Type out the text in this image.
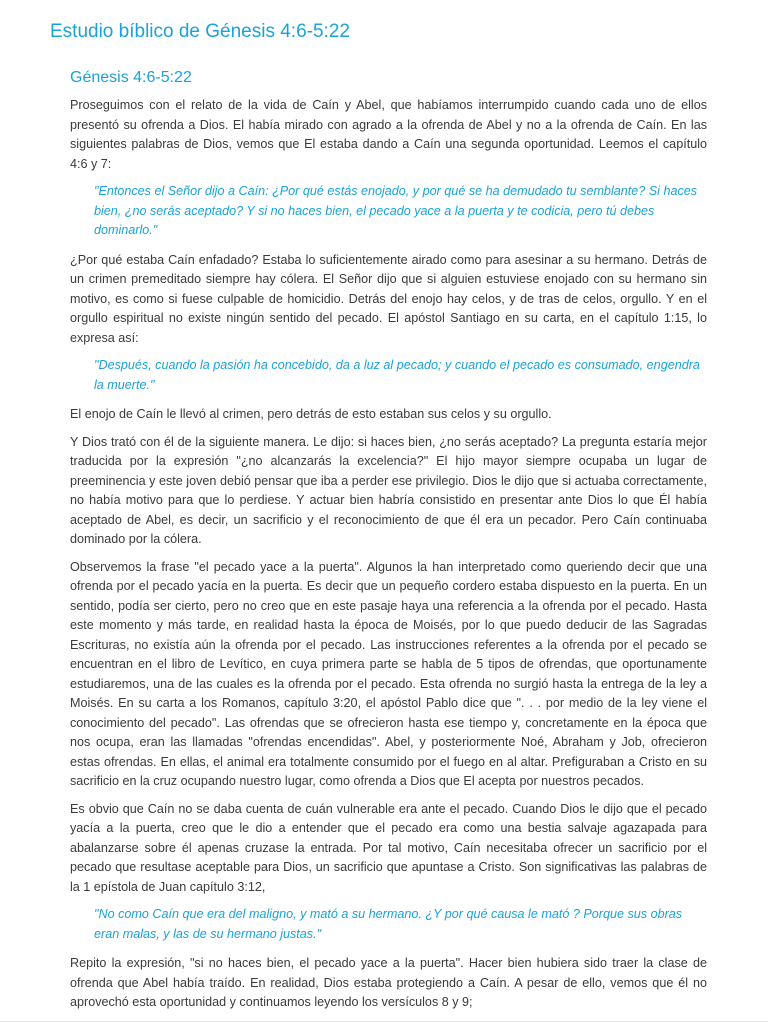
Estudio bíblico de Génesis 4:6-5:22
Génesis 4:6-5:22

Proseguimos con el relato de la vida de Caín y Abel, que habíamos interrumpido cuando cada uno de ellos presentó su ofrenda a Dios. El había mirado con agrado a la ofrenda de Abel y no a la ofrenda de Caín. En las siguientes palabras de Dios, vemos que El estaba dando a Caín una segunda oportunidad. Leemos el capítulo 4:6 y 7:

"Entonces el Señor dijo a Caín: ¿Por qué estás enojado, y por qué se ha demudado tu semblante? Si haces bien, ¿no serás aceptado? Y si no haces bien, el pecado yace a la puerta y te codicia, pero tú debes dominarlo."

¿Por qué estaba Caín enfadado? Estaba lo suficientemente airado como para asesinar a su hermano. Detrás de un crimen premeditado siempre hay cólera. El Señor dijo que si alguien estuviese enojado con su hermano sin motivo, es como si fuese culpable de homicidio. Detrás del enojo hay celos, y de tras de celos, orgullo. Y en el orgullo espiritual no existe ningún sentido del pecado. El apóstol Santiago en su carta, en el capítulo 1:15, lo expresa así:

"Después, cuando la pasión ha concebido, da a luz al pecado; y cuando el pecado es consumado, engendra la muerte."

El enojo de Caín le llevó al crimen, pero detrás de esto estaban sus celos y su orgullo.

Y Dios trató con él de la siguiente manera. Le dijo: si haces bien, ¿no serás aceptado? La pregunta estaría mejor traducida por la expresión "¿no alcanzarás la excelencia?" El hijo mayor siempre ocupaba un lugar de preeminencia y este joven debió pensar que iba a perder ese privilegio. Dios le dijo que si actuaba correctamente, no había motivo para que lo perdiese. Y actuar bien habría consistido en presentar ante Dios lo que Él había aceptado de Abel, es decir, un sacrificio y el reconocimiento de que él era un pecador. Pero Caín continuaba dominado por la cólera.

Observemos la frase "el pecado yace a la puerta". Algunos la han interpretado como queriendo decir que una ofrenda por el pecado yacía en la puerta. Es decir que un pequeño cordero estaba dispuesto en la puerta. En un sentido, podía ser cierto, pero no creo que en este pasaje haya una referencia a la ofrenda por el pecado. Hasta este momento y más tarde, en realidad hasta la época de Moisés, por lo que puedo deducir de las Sagradas Escrituras, no existía aún la ofrenda por el pecado. Las instrucciones referentes a la ofrenda por el pecado se encuentran en el libro de Levítico, en cuya primera parte se habla de 5 tipos de ofrendas, que oportunamente estudiaremos, una de las cuales es la ofrenda por el pecado. Esta ofrenda no surgió hasta la entrega de la ley a Moisés. En su carta a los Romanos, capítulo 3:20, el apóstol Pablo dice que ". . . por medio de la ley viene el conocimiento del pecado". Las ofrendas que se ofrecieron hasta ese tiempo y, concretamente en la época que nos ocupa, eran las llamadas "ofrendas encendidas". Abel, y posteriormente Noé, Abraham y Job, ofrecieron estas ofrendas. En ellas, el animal era totalmente consumido por el fuego en al altar. Prefiguraban a Cristo en su sacrificio en la cruz ocupando nuestro lugar, como ofrenda a Dios que El acepta por nuestros pecados.

Es obvio que Caín no se daba cuenta de cuán vulnerable era ante el pecado. Cuando Dios le dijo que el pecado yacía a la puerta, creo que le dio a entender que el pecado era como una bestia salvaje agazapada para abalanzarse sobre él apenas cruzase la entrada. Por tal motivo, Caín necesitaba ofrecer un sacrificio por el pecado que resultase aceptable para Dios, un sacrificio que apuntase a Cristo. Son significativas las palabras de la 1 epístola de Juan capítulo 3:12,

"No como Caín que era del maligno, y mató a su hermano. ¿Y por qué causa le mató ? Porque sus obras eran malas, y las de su hermano justas."

Repito la expresión, "si no haces bien, el pecado yace a la puerta". Hacer bien hubiera sido traer la clase de ofrenda que Abel había traído. En realidad, Dios estaba protegiendo a Caín. A pesar de ello, vemos que él no aprovechó esta oportunidad y continuamos leyendo los versículos 8 y 9;
